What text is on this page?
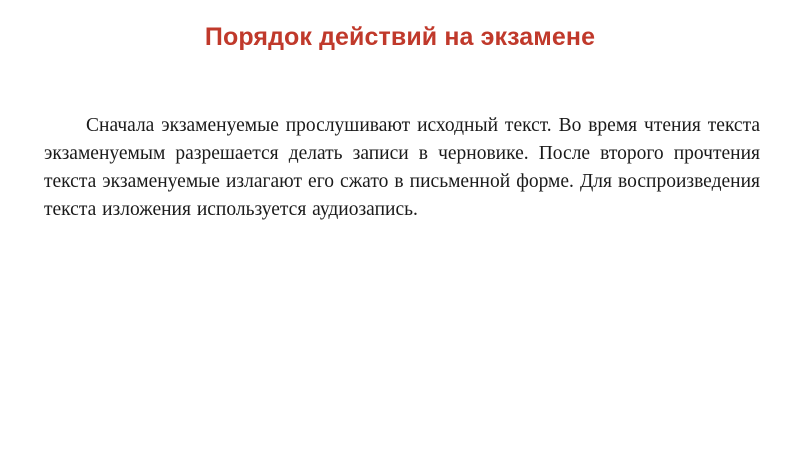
Порядок действий на экзамене

Сначала экзаменуемые прослушивают исходный текст. Во время чтения текста экзаменуемым разрешается делать записи в черновике. После второго прочтения текста экзаменуемые излагают его сжато в письменной форме. Для воспроизведения текста изложения используется аудиозапись.
